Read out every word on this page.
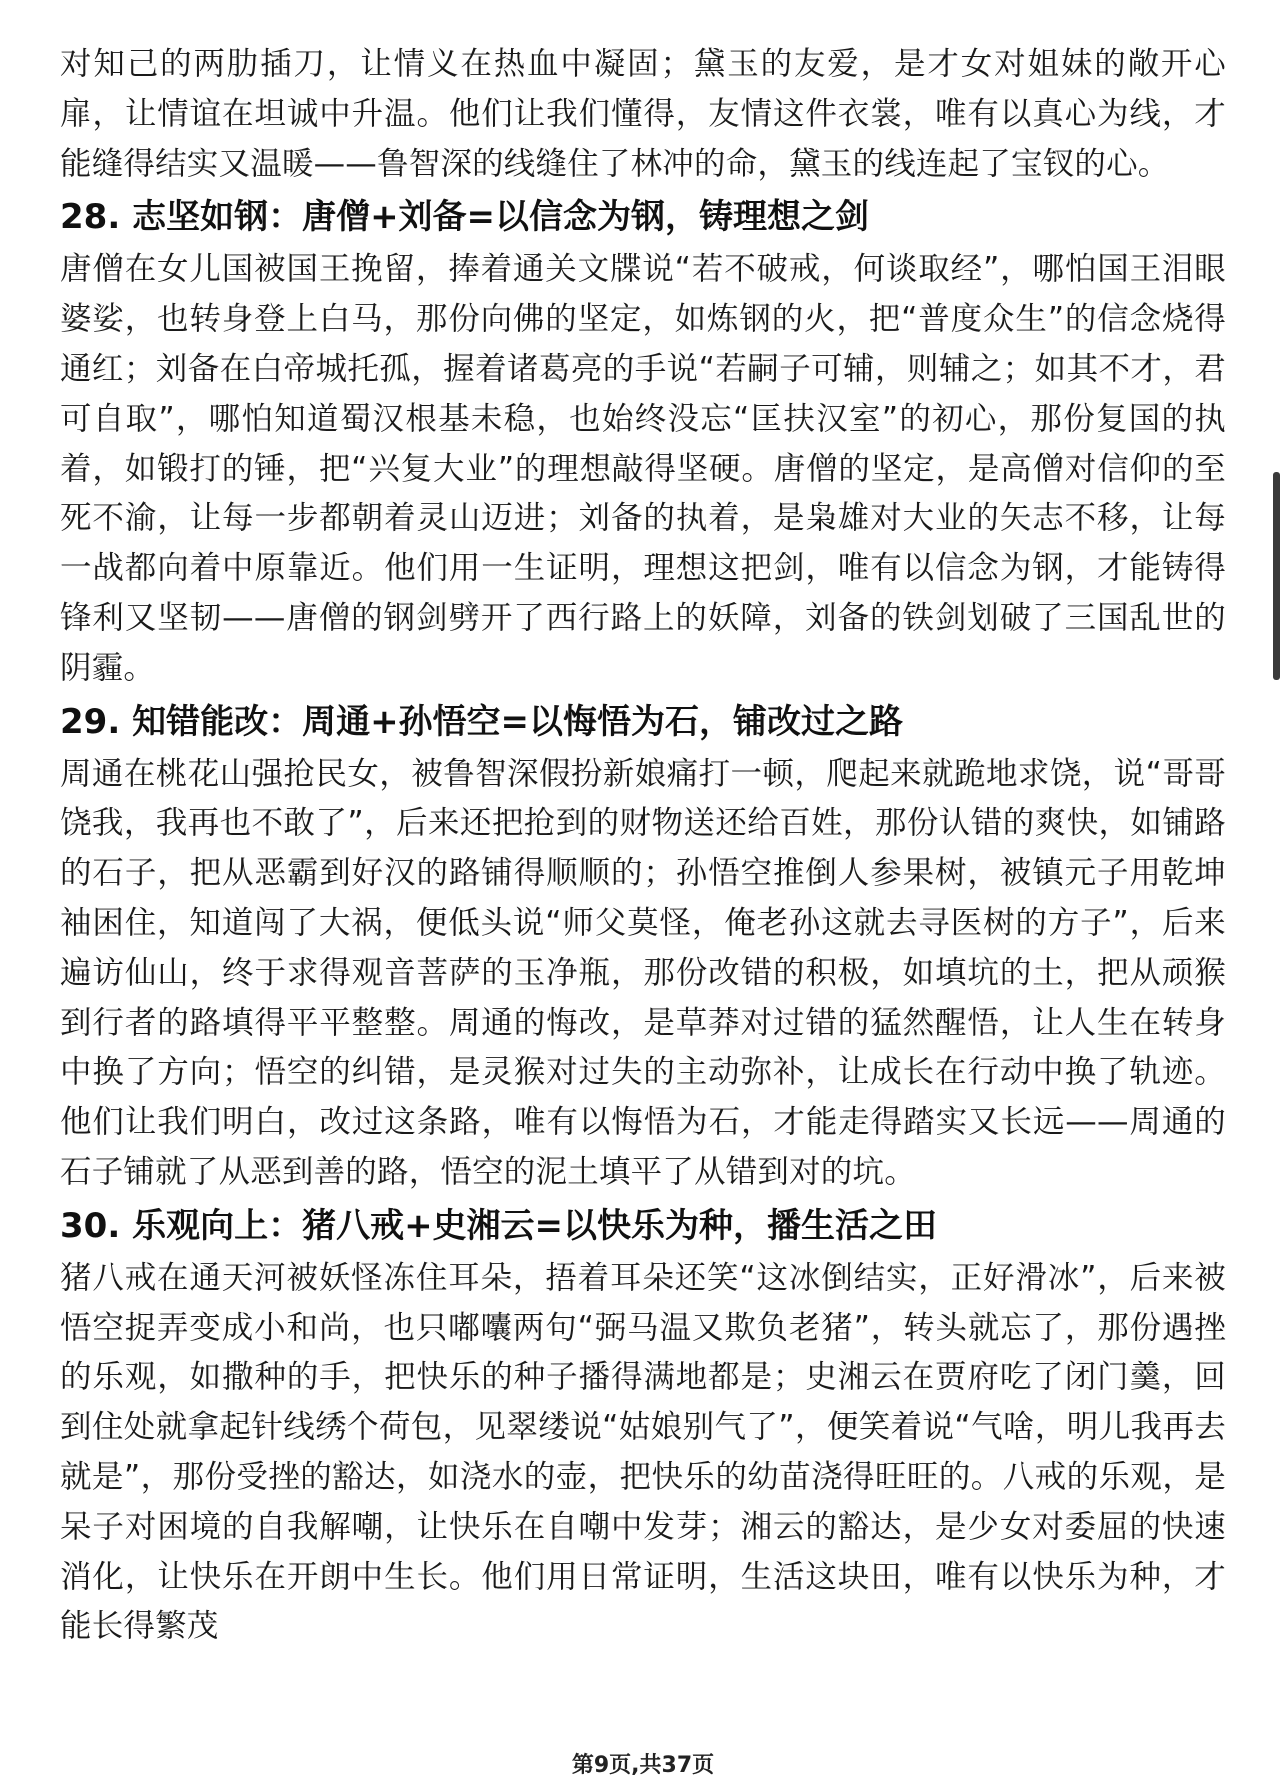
对知己的两肋插刀，让情义在热血中凝固；黛玉的友爱，是才女对姐妹的敞开心扉，让情谊在坦诚中升温。他们让我们懂得，友情这件衣裳，唯有以真心为线，才能缝得结实又温暖——鲁智深的线缝住了林冲的命，黛玉的线连起了宝钗的心。

28. 志坚如钢：唐僧+刘备=以信念为钢，铸理想之剑

唐僧在女儿国被国王挽留，捧着通关文牒说“若不破戒，何谈取经”，哪怕国王泪眼婆娑，也转身登上白马，那份向佛的坚定，如炼钢的火，把“普度众生”的信念烧得通红；刘备在白帝城托孤，握着诸葛亮的手说“若嗣子可辅，则辅之；如其不才，君可自取”，哪怕知道蜀汉根基未稳，也始终没忘“匡扶汉室”的初心，那份复国的执着，如锻打的锤，把“兴复大业”的理想敲得坚硬。唐僧的坚定，是高僧对信仰的至死不渝，让每一步都朝着灵山迈进；刘备的执着，是枭雄对大业的矢志不移，让每一战都向着中原靠近。他们用一生证明，理想这把剑，唯有以信念为钢，才能铸得锋利又坚韧——唐僧的钢剑劈开了西行路上的妖障，刘备的铁剑划破了三国乱世的阴霾。

29. 知错能改：周通+孙悟空=以悔悟为石，铺改过之路

周通在桃花山强抢民女，被鲁智深假扮新娘痛打一顿，爬起来就跪地求饶，说“哥哥饶我，我再也不敢了”，后来还把抢到的财物送还给百姓，那份认错的爽快，如铺路的石子，把从恶霸到好汉的路铺得顺顺的；孙悟空推倒人参果树，被镇元子用乾坤袖困住，知道闯了大祸，便低头说“师父莫怪，俺老孙这就去寻医树的方子”，后来遍访仙山，终于求得观音菩萨的玉净瓶，那份改错的积极，如填坑的土，把从顽猴到行者的路填得平平整整。周通的悔改，是草莽对过错的猛然醒悟，让人生在转身中换了方向；悟空的纠错，是灵猴对过失的主动弥补，让成长在行动中换了轨迹。他们让我们明白，改过这条路，唯有以悔悟为石，才能走得踏实又长远——周通的石子铺就了从恶到善的路，悟空的泥土填平了从错到对的坑。

30. 乐观向上：猪八戒+史湘云=以快乐为种，播生活之田

猪八戒在通天河被妖怪冻住耳朵，捂着耳朵还笑“这冰倒结实，正好滑冰”，后来被悟空捉弄变成小和尚，也只嘟囔两句“弼马温又欺负老猪”，转头就忘了，那份遇挫的乐观，如撒种的手，把快乐的种子播得满地都是；史湘云在贾府吃了闭门羹，回到住处就拿起针线绣个荷包，见翠缕说“姑娘别气了”，便笑着说“气啥，明儿我再去就是”，那份受挫的豁达，如浇水的壶，把快乐的幼苗浇得旺旺的。八戒的乐观，是呆子对困境的自我解嘲，让快乐在自嘲中发芽；湘云的豁达，是少女对委屈的快速消化，让快乐在开朗中生长。他们用日常证明，生活这块田，唯有以快乐为种，才能长得繁茂

第9页,共37页
